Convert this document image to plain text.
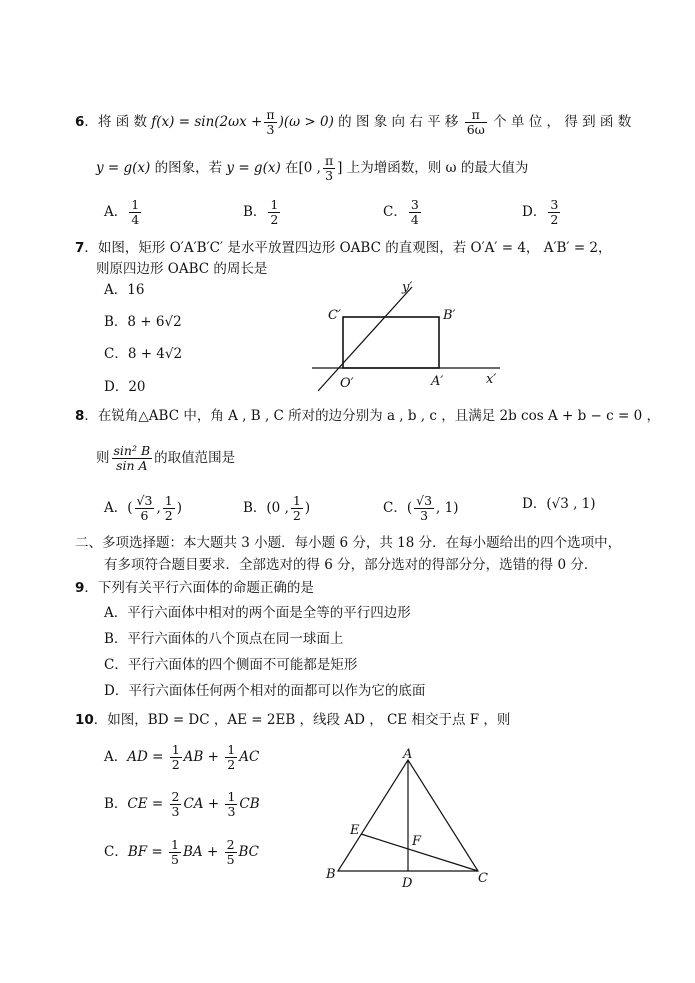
6．将 函 数 $f(x) = \sin(2\omega x + \frac{\pi}{3} )(\omega > 0)$ 的 图 象 向 右 平 移 $\frac{\pi}{6\omega}$ 个 单 位 ， 得 到 函 数
y = g(x) 的图象，若 y = g(x) 在[0 , $\frac{\pi}{3}$ ] 上为增函数，则 ω 的最大值为
A． $\frac{1}{4}$	B． $\frac{1}{2}$	C． $\frac{3}{4}$	D． $\frac{3}{2}$
7．如图，矩形 O′A′B′C′ 是水平放置四边形 OABC 的直观图，若 O′A′ = 4， A′B′ = 2，
则原四边形 OABC 的周长是
A．16
B．8 + 6√2
C．8 + 4√2
D．20
y′
x′
C′	B′
O′	A′
8．在锐角△ABC 中，角 A , B , C 所对的边分别为 a , b , c ，且满足 2b cos A + b − c = 0 ，
则 $\frac{\text{sin² B}}{\text{sin A}}$ 的取值范围是
A．( $\frac{√3}{6}$ , $\frac{1}{2}$ )	B．(0 , $\frac{1}{2}$ )	C．( $\frac{√3}{3}$ , 1)	D．(√3 , 1)
二、多项选择题：本大题共 3 小题．每小题 6 分，共 18 分．在每小题给出的四个选项中，
有多项符合题目要求．全部选对的得 6 分，部分选对的得部分分，选错的得 0 分．
9．下列有关平行六面体的命题正确的是
A．平行六面体中相对的两个面是全等的平行四边形
B．平行六面体的八个顶点在同一球面上
C．平行六面体的四个侧面不可能都是矩形
D．平行六面体任何两个相对的面都可以作为它的底面
10．如图，BD = DC ，AE = 2EB ，线段 AD ， CE 相交于点 F ，则
A．AD = $\frac{1}{2}$ AB + $\frac{1}{2}$ AC
B．CE = $\frac{2}{3}$ CA + $\frac{1}{3}$ CB
C．BF = $\frac{1}{5}$ BA + $\frac{2}{5}$ BC
A
B	C
D
E
F
